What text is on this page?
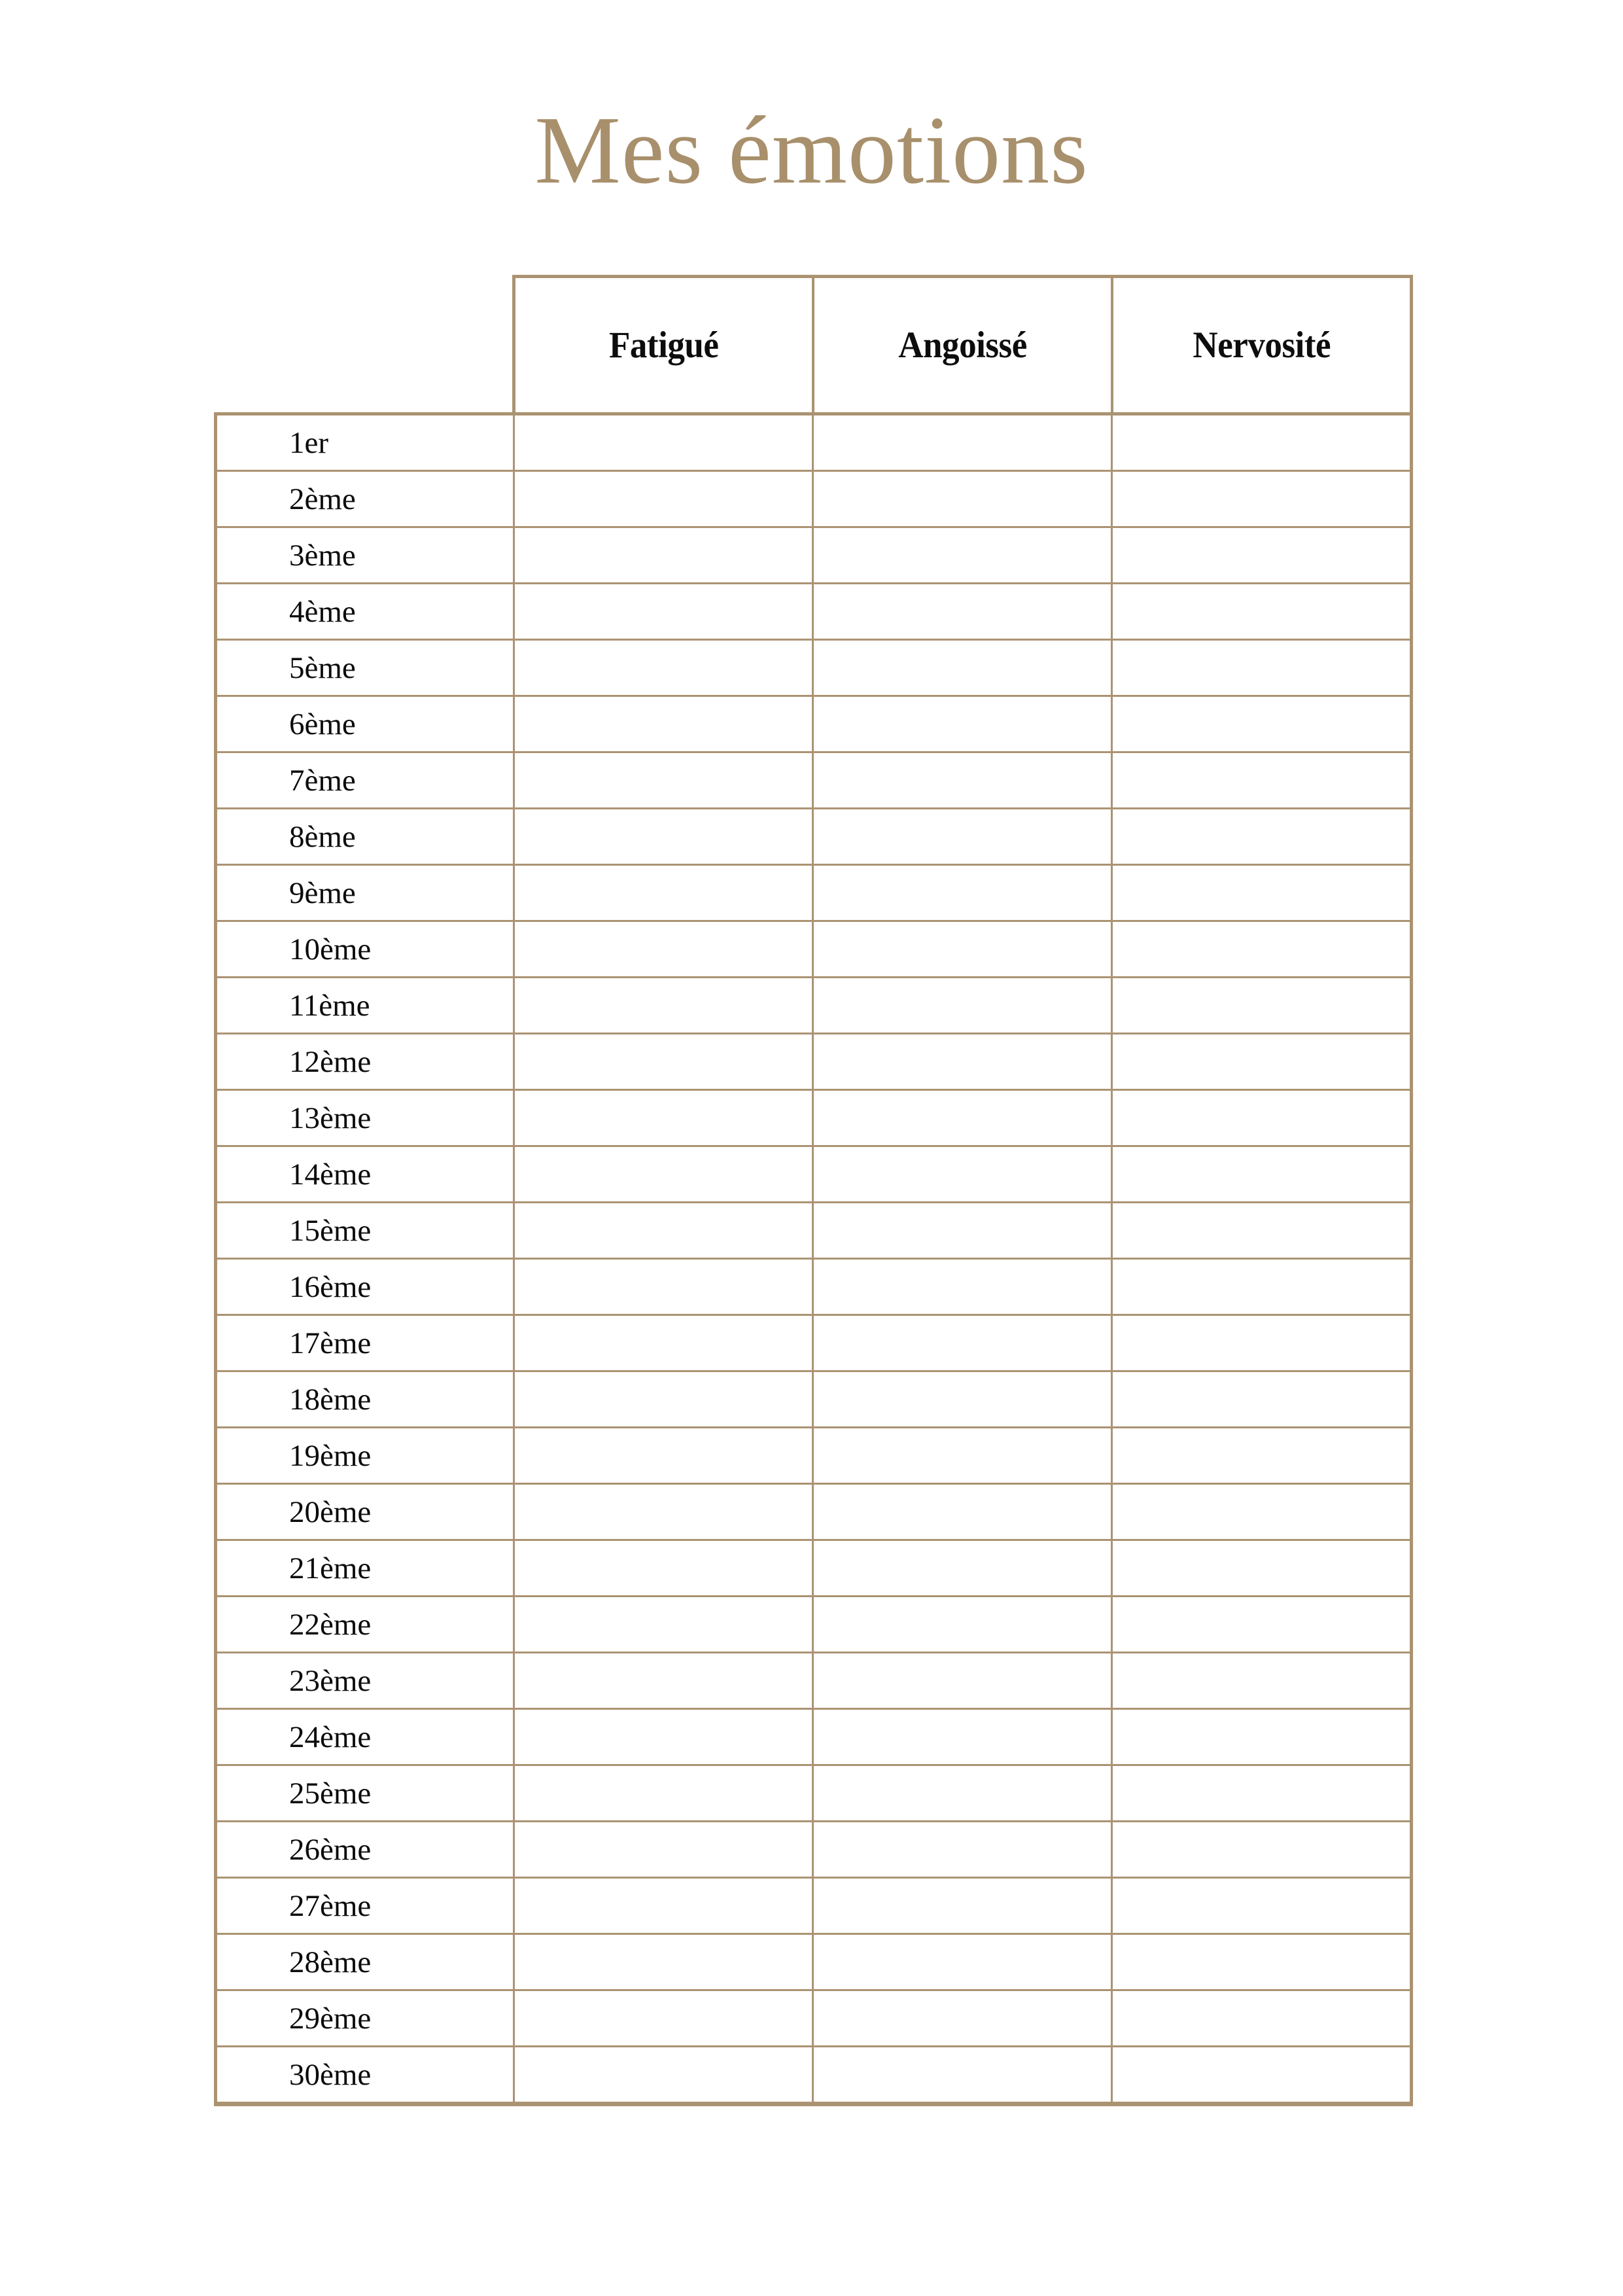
Mes émotions
	Fatigué	Angoissé	Nervosité
1er			
2ème			
3ème			
4ème			
5ème			
6ème			
7ème			
8ème			
9ème			
10ème			
11ème			
12ème			
13ème			
14ème			
15ème			
16ème			
17ème			
18ème			
19ème			
20ème			
21ème			
22ème			
23ème			
24ème			
25ème			
26ème			
27ème			
28ème			
29ème			
30ème			
